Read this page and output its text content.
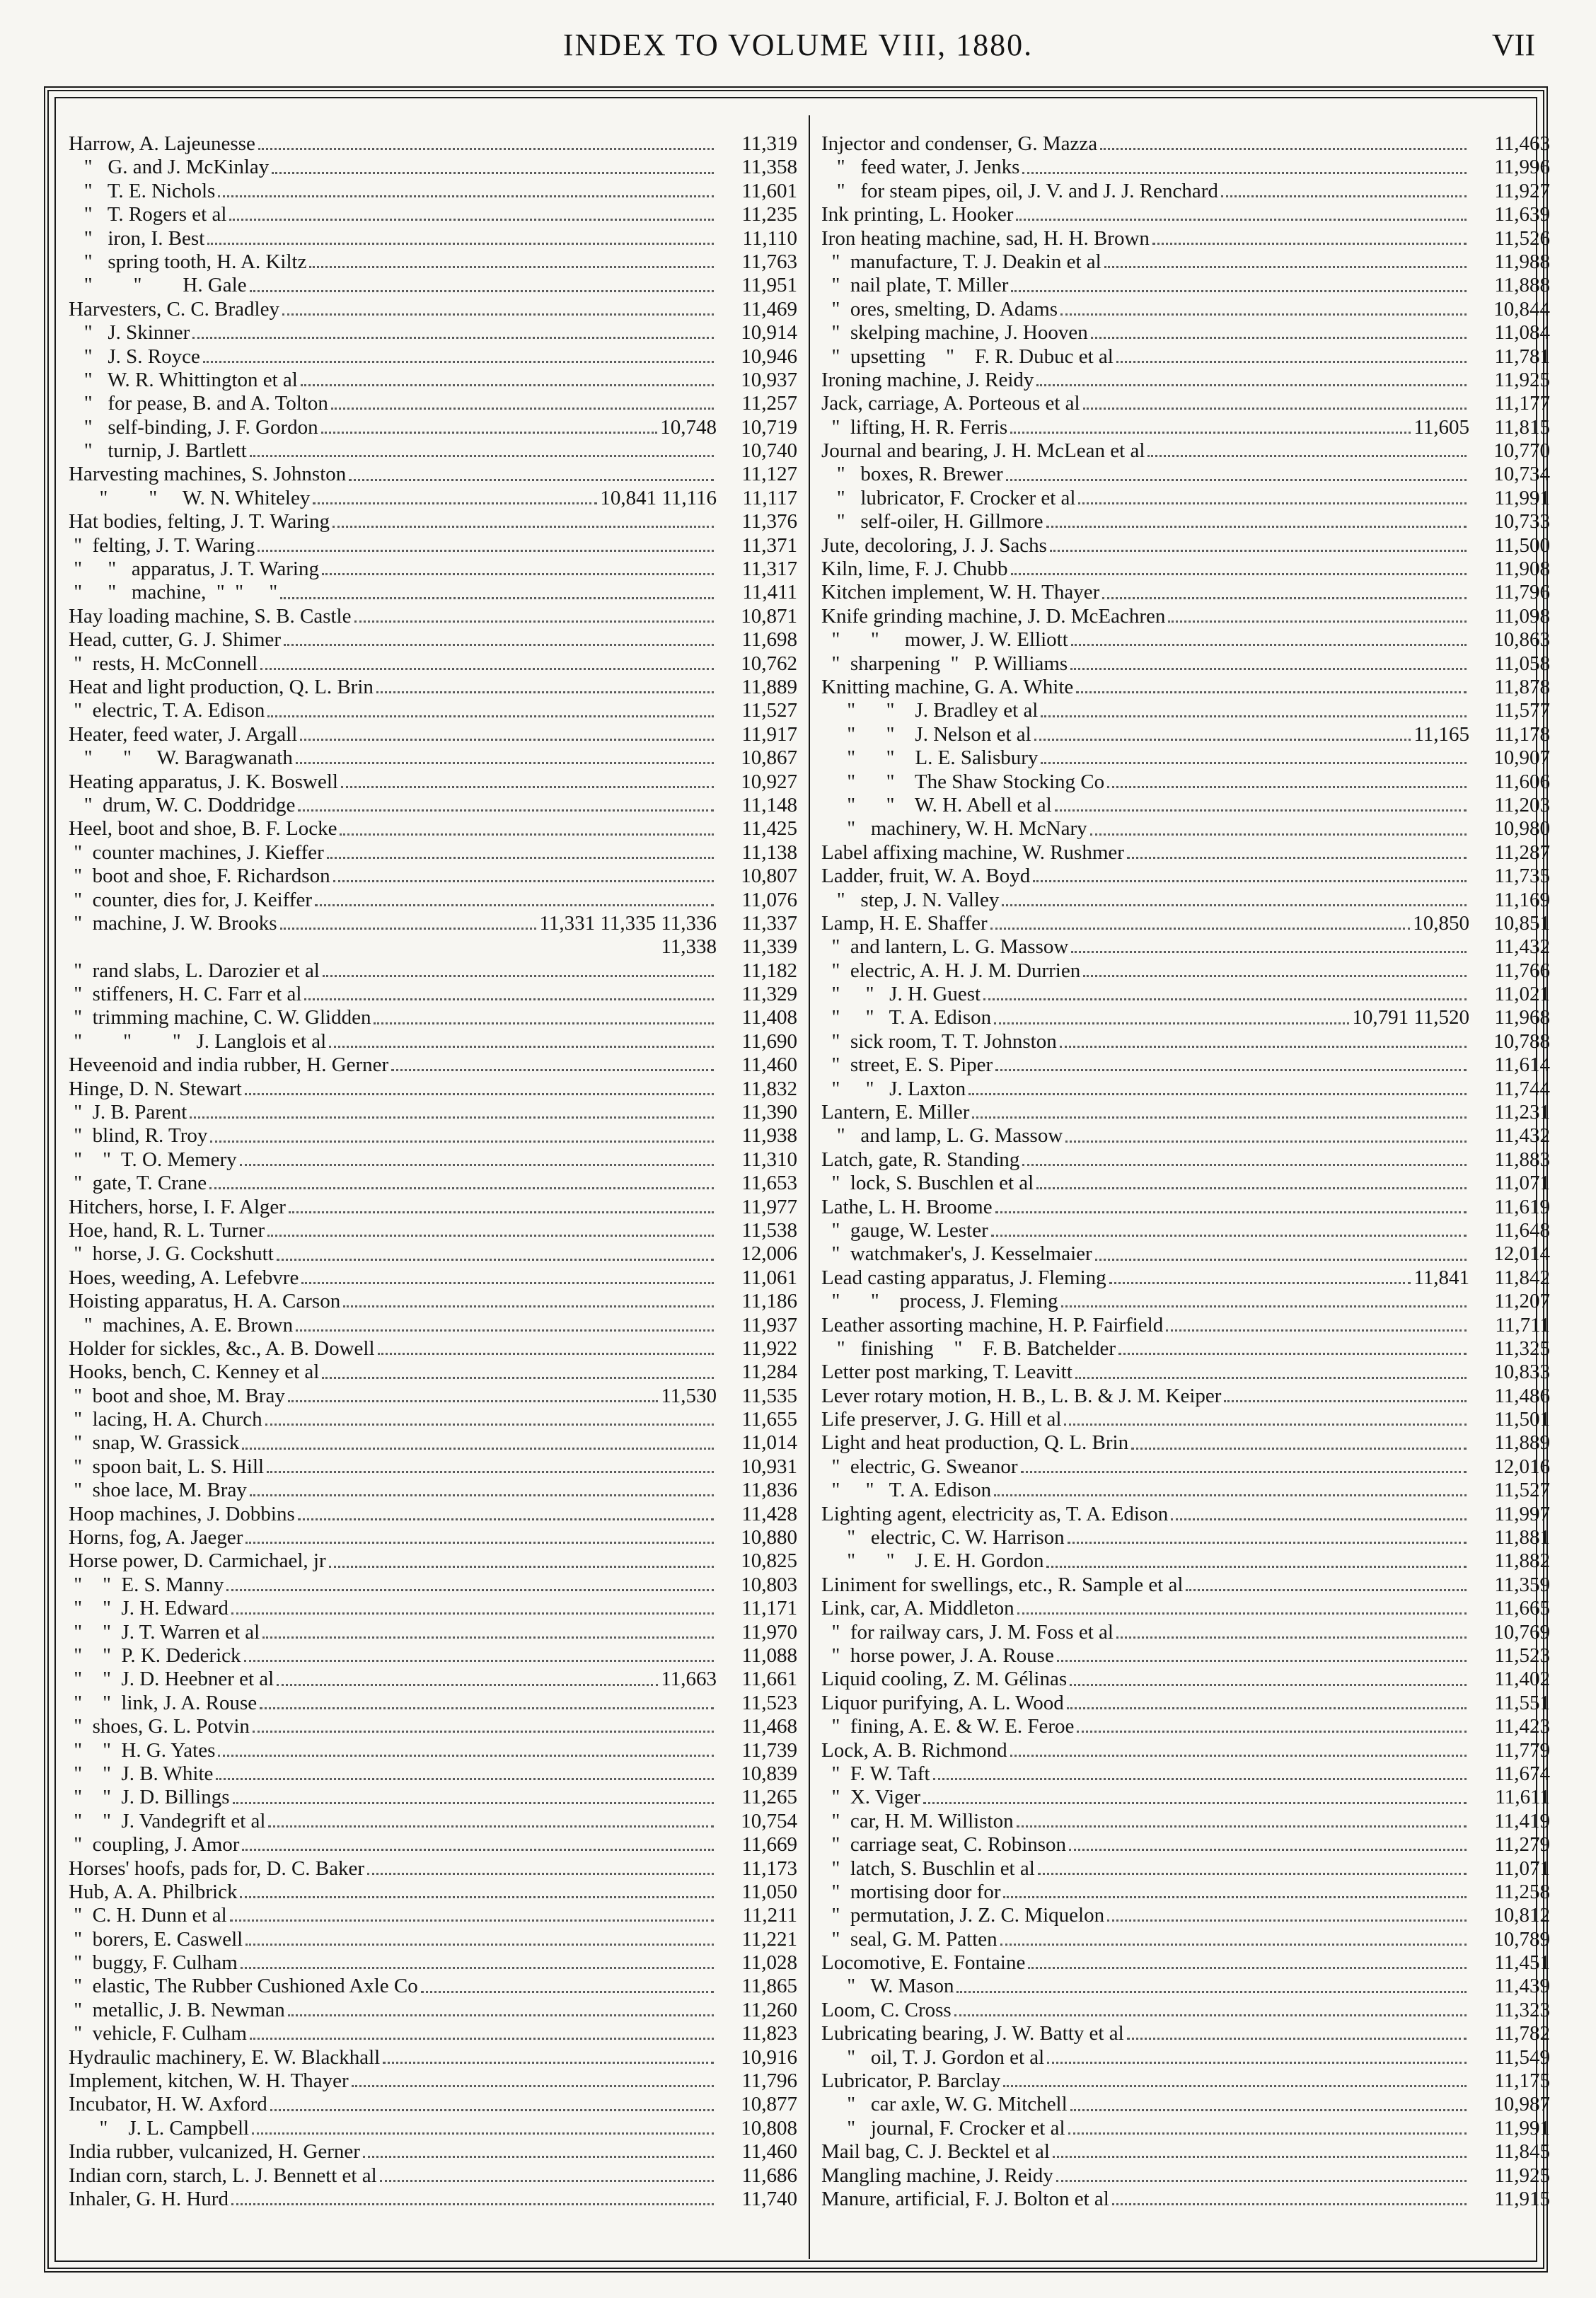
INDEX TO VOLUME VIII, 1880.	VII
Harrow, A. Lajeunesse	11,319
"   G. and J. McKinlay	11,358
"   T. E. Nichols	11,601
"   T. Rogers et al	11,235
"   iron, I. Best	11,110
"   spring tooth, H. A. Kiltz	11,763
"        "        H. Gale	11,951
Harvesters, C. C. Bradley	11,469
"   J. Skinner	10,914
"   J. S. Royce	10,946
"   W. R. Whittington et al	10,937
"   for pease, B. and A. Tolton	11,257
"   self-binding, J. F. Gordon	10,748	10,719
"   turnip, J. Bartlett	10,740
Harvesting machines, S. Johnston	11,127
"        "     W. N. Whiteley	10,841 11,116	11,117
Hat bodies, felting, J. T. Waring	11,376
"  felting, J. T. Waring	11,371
"     "   apparatus, J. T. Waring	11,317
"     "   machine,  "  "     "	11,411
Hay loading machine, S. B. Castle	10,871
Head, cutter, G. J. Shimer	11,698
"  rests, H. McConnell	10,762
Heat and light production, Q. L. Brin	11,889
"  electric, T. A. Edison	11,527
Heater, feed water, J. Argall	11,917
"      "     W. Baragwanath	10,867
Heating apparatus, J. K. Boswell	10,927
"  drum, W. C. Doddridge	11,148
Heel, boot and shoe, B. F. Locke	11,425
"  counter machines, J. Kieffer	11,138
"  boot and shoe, F. Richardson	10,807
"  counter, dies for, J. Keiffer	11,076
"  machine, J. W. Brooks	11,331 11,335 11,336	11,337
11,338	11,339
"  rand slabs, L. Darozier et al	11,182
"  stiffeners, H. C. Farr et al	11,329
"  trimming machine, C. W. Glidden	11,408
"        "        "   J. Langlois et al	11,690
Heveenoid and india rubber, H. Gerner	11,460
Hinge, D. N. Stewart	11,832
"  J. B. Parent	11,390
"  blind, R. Troy	11,938
"    "  T. O. Memery	11,310
"  gate, T. Crane	11,653
Hitchers, horse, I. F. Alger	11,977
Hoe, hand, R. L. Turner	11,538
"  horse, J. G. Cockshutt	12,006
Hoes, weeding, A. Lefebvre	11,061
Hoisting apparatus, H. A. Carson	11,186
"  machines, A. E. Brown	11,937
Holder for sickles, &c., A. B. Dowell	11,922
Hooks, bench, C. Kenney et al	11,284
"  boot and shoe, M. Bray	11,530	11,535
"  lacing, H. A. Church	11,655
"  snap, W. Grassick	11,014
"  spoon bait, L. S. Hill	10,931
"  shoe lace, M. Bray	11,836
Hoop machines, J. Dobbins	11,428
Horns, fog, A. Jaeger	10,880
Horse power, D. Carmichael, jr	10,825
"    "  E. S. Manny	10,803
"    "  J. H. Edward	11,171
"    "  J. T. Warren et al	11,970
"    "  P. K. Dederick	11,088
"    "  J. D. Heebner et al	11,663	11,661
"    "  link, J. A. Rouse	11,523
"  shoes, G. L. Potvin	11,468
"    "  H. G. Yates	11,739
"    "  J. B. White	10,839
"    "  J. D. Billings	11,265
"    "  J. Vandegrift et al	10,754
"  coupling, J. Amor	11,669
Horses' hoofs, pads for, D. C. Baker	11,173
Hub, A. A. Philbrick	11,050
"  C. H. Dunn et al	11,211
"  borers, E. Caswell	11,221
"  buggy, F. Culham	11,028
"  elastic, The Rubber Cushioned Axle Co	11,865
"  metallic, J. B. Newman	11,260
"  vehicle, F. Culham	11,823
Hydraulic machinery, E. W. Blackhall	10,916
Implement, kitchen, W. H. Thayer	11,796
Incubator, H. W. Axford	10,877
"    J. L. Campbell	10,808
India rubber, vulcanized, H. Gerner	11,460
Indian corn, starch, L. J. Bennett et al	11,686
Inhaler, G. H. Hurd	11,740
Injector and condenser, G. Mazza	11,463
"   feed water, J. Jenks	11,996
"   for steam pipes, oil, J. V. and J. J. Renchard	11,927
Ink printing, L. Hooker	11,639
Iron heating machine, sad, H. H. Brown	11,526
"  manufacture, T. J. Deakin et al	11,988
"  nail plate, T. Miller	11,888
"  ores, smelting, D. Adams	10,844
"  skelping machine, J. Hooven	11,084
"  upsetting    "    F. R. Dubuc et al	11,781
Ironing machine, J. Reidy	11,925
Jack, carriage, A. Porteous et al	11,177
"  lifting, H. R. Ferris	11,605	11,815
Journal and bearing, J. H. McLean et al	10,770
"   boxes, R. Brewer	10,734
"   lubricator, F. Crocker et al	11,991
"   self-oiler, H. Gillmore	10,733
Jute, decoloring, J. J. Sachs	11,500
Kiln, lime, F. J. Chubb	11,908
Kitchen implement, W. H. Thayer	11,796
Knife grinding machine, J. D. McEachren	11,098
"      "     mower, J. W. Elliott	10,863
"  sharpening  "   P. Williams	11,058
Knitting machine, G. A. White	11,878
"      "    J. Bradley et al	11,577
"      "    J. Nelson et al	11,165	11,178
"      "    L. E. Salisbury	10,907
"      "    The Shaw Stocking Co	11,606
"      "    W. H. Abell et al	11,203
"   machinery, W. H. McNary	10,980
Label affixing machine, W. Rushmer	11,287
Ladder, fruit, W. A. Boyd	11,735
"   step, J. N. Valley	11,169
Lamp, H. E. Shaffer	10,850	10,851
"  and lantern, L. G. Massow	11,432
"  electric, A. H. J. M. Durrien	11,766
"     "   J. H. Guest	11,021
"     "   T. A. Edison	10,791 11,520	11,968
"  sick room, T. T. Johnston	10,788
"  street, E. S. Piper	11,614
"     "   J. Laxton	11,744
Lantern, E. Miller	11,231
"   and lamp, L. G. Massow	11,432
Latch, gate, R. Standing	11,883
"  lock, S. Buschlen et al	11,071
Lathe, L. H. Broome	11,619
"  gauge, W. Lester	11,648
"  watchmaker's, J. Kesselmaier	12,014
Lead casting apparatus, J. Fleming	11,841	11,842
"      "    process, J. Fleming	11,207
Leather assorting machine, H. P. Fairfield	11,711
"   finishing    "    F. B. Batchelder	11,325
Letter post marking, T. Leavitt	10,833
Lever rotary motion, H. B., L. B. & J. M. Keiper	11,486
Life preserver, J. G. Hill et al	11,501
Light and heat production, Q. L. Brin	11,889
"  electric, G. Sweanor	12,016
"     "   T. A. Edison	11,527
Lighting agent, electricity as, T. A. Edison	11,997
"   electric, C. W. Harrison	11,881
"      "    J. E. H. Gordon	11,882
Liniment for swellings, etc., R. Sample et al	11,359
Link, car, A. Middleton	11,665
"  for railway cars, J. M. Foss et al	10,769
"  horse power, J. A. Rouse	11,523
Liquid cooling, Z. M. Gélinas	11,402
Liquor purifying, A. L. Wood	11,551
"  fining, A. E. & W. E. Feroe	11,423
Lock, A. B. Richmond	11,779
"  F. W. Taft	11,674
"  X. Viger	11,611
"  car, H. M. Williston	11,419
"  carriage seat, C. Robinson	11,279
"  latch, S. Buschlin et al	11,071
"  mortising door for	11,258
"  permutation, J. Z. C. Miquelon	10,812
"  seal, G. M. Patten	10,789
Locomotive, E. Fontaine	11,451
"   W. Mason	11,439
Loom, C. Cross	11,323
Lubricating bearing, J. W. Batty et al	11,782
"   oil, T. J. Gordon et al	11,549
Lubricator, P. Barclay	11,175
"   car axle, W. G. Mitchell	10,987
"   journal, F. Crocker et al	11,991
Mail bag, C. J. Becktel et al	11,845
Mangling machine, J. Reidy	11,925
Manure, artificial, F. J. Bolton et al	11,915
